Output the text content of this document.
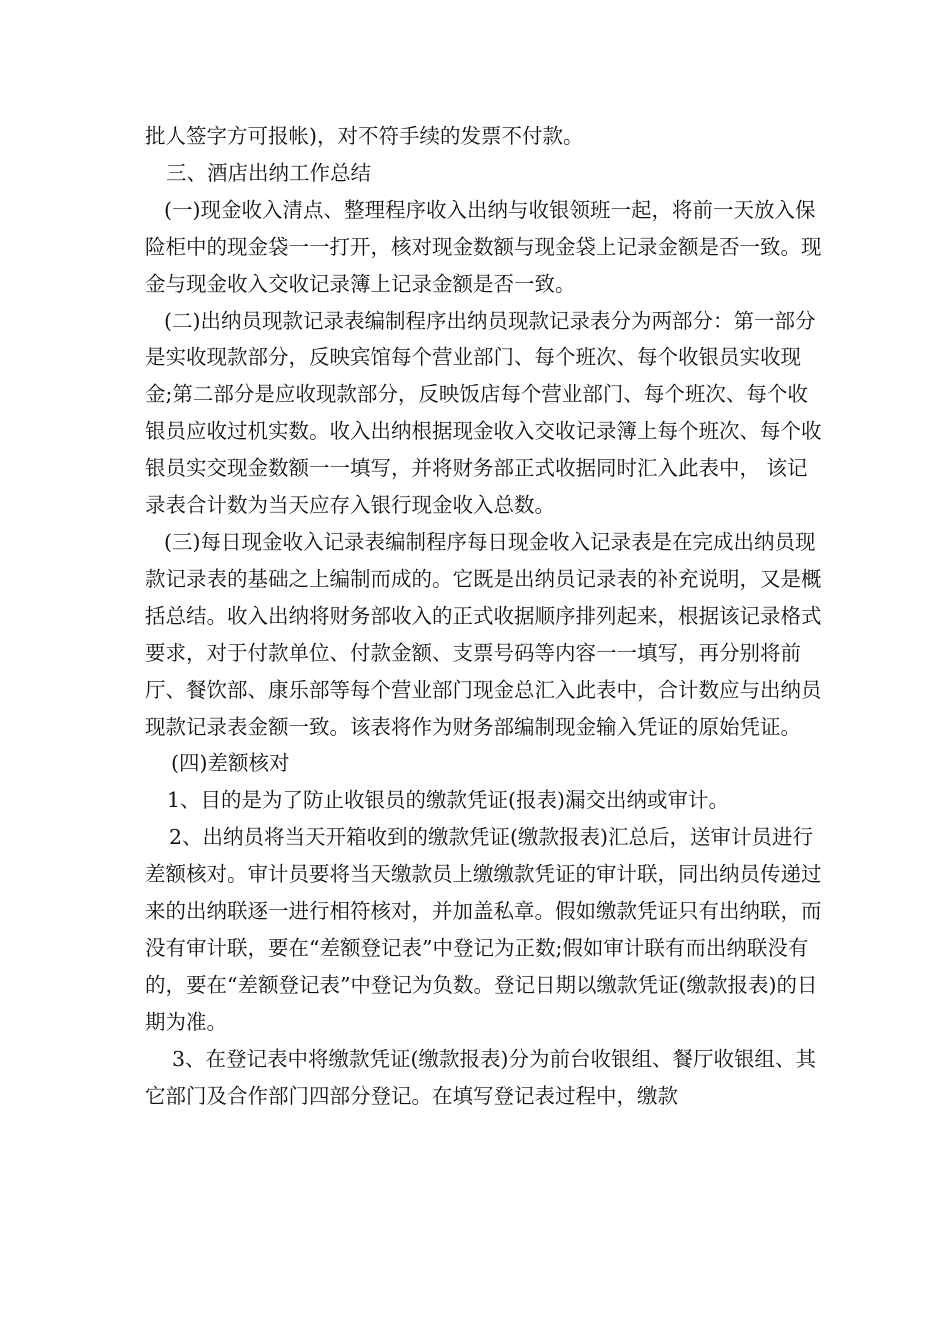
批人签字方可报帐)，对不符手续的发票不付款。

三、酒店出纳工作总结

(一)现金收入清点、整理程序收入出纳与收银领班一起，将前一天放入保险柜中的现金袋一一打开，核对现金数额与现金袋上记录金额是否一致。现金与现金收入交收记录簿上记录金额是否一致。

(二)出纳员现款记录表编制程序出纳员现款记录表分为两部分：第一部分是实收现款部分，反映宾馆每个营业部门、每个班次、每个收银员实收现金;第二部分是应收现款部分，反映饭店每个营业部门、每个班次、每个收银员应收过机实数。收入出纳根据现金收入交收记录簿上每个班次、每个收银员实交现金数额一一填写，并将财务部正式收据同时汇入此表中， 该记录表合计数为当天应存入银行现金收入总数。

(三)每日现金收入记录表编制程序每日现金收入记录表是在完成出纳员现款记录表的基础之上编制而成的。它既是出纳员记录表的补充说明，又是概括总结。收入出纳将财务部收入的正式收据顺序排列起来，根据该记录格式要求，对于付款单位、付款金额、支票号码等内容一一填写，再分别将前厅、餐饮部、康乐部等每个营业部门现金总汇入此表中，合计数应与出纳员现款记录表金额一致。该表将作为财务部编制现金输入凭证的原始凭证。

(四)差额核对

1、目的是为了防止收银员的缴款凭证(报表)漏交出纳或审计。

2、出纳员将当天开箱收到的缴款凭证(缴款报表)汇总后，送审计员进行差额核对。审计员要将当天缴款员上缴缴款凭证的审计联，同出纳员传递过来的出纳联逐一进行相符核对，并加盖私章。假如缴款凭证只有出纳联，而没有审计联，要在“差额登记表”中登记为正数;假如审计联有而出纳联没有的，要在“差额登记表”中登记为负数。登记日期以缴款凭证(缴款报表)的日期为准。

3、在登记表中将缴款凭证(缴款报表)分为前台收银组、餐厅收银组、其它部门及合作部门四部分登记。在填写登记表过程中，缴款
